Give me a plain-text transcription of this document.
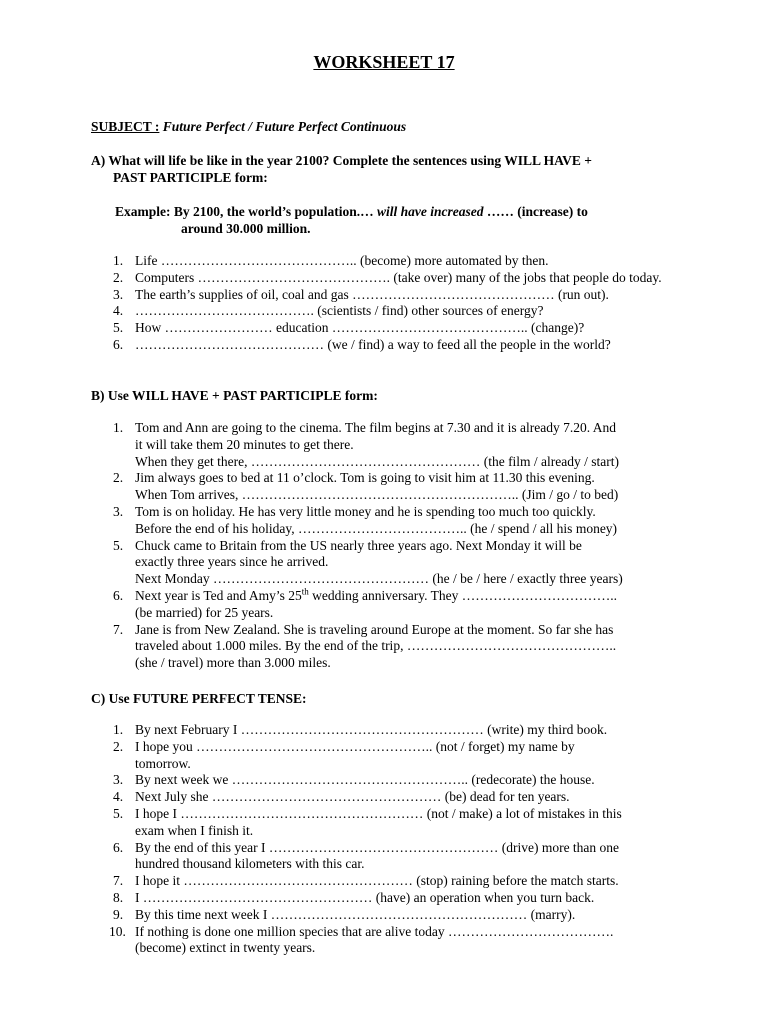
WORKSHEET 17
SUBJECT : Future Perfect / Future Perfect Continuous
A) What will life be like in the year 2100? Complete the sentences using WILL HAVE +
PAST PARTICIPLE form:
Example: By 2100, the world’s population.… will have increased …… (increase) to
around 30.000 million.
1. Life …………………………………….. (become) more automated by then.
2. Computers ……………………………………. (take over) many of the jobs that people do today.
3. The earth’s supplies of oil, coal and gas ……………………………………… (run out).
4. …………………………………. (scientists / find) other sources of energy?
5. How …………………… education …………………………………….. (change)?
6. …………………………………… (we / find) a way to feed all the people in the world?
B) Use WILL HAVE + PAST PARTICIPLE form:
1. Tom and Ann are going to the cinema. The film begins at 7.30 and it is already 7.20. And
it will take them 20 minutes to get there.
When they get there, …………………………………………… (the film / already / start)
2. Jim always goes to bed at 11 o’clock. Tom is going to visit him at 11.30 this evening.
When Tom arrives, …………………………………………………….. (Jim / go / to bed)
3. Tom is on holiday. He has very little money and he is spending too much too quickly.
Before the end of his holiday, ……………………………….. (he / spend / all his money)
5. Chuck came to Britain from the US nearly three years ago. Next Monday it will be
exactly three years since he arrived.
Next Monday ………………………………………… (he / be / here / exactly three years)
6. Next year is Ted and Amy’s 25th wedding anniversary. They ……………………………..
(be married) for 25 years.
7. Jane is from New Zealand. She is traveling around Europe at the moment. So far she has
traveled about 1.000 miles. By the end of the trip, ………………………………………..
(she / travel) more than 3.000 miles.
C) Use FUTURE PERFECT TENSE:
1. By next February I ……………………………………………… (write) my third book.
2. I hope you …………………………………………….. (not / forget) my name by
tomorrow.
3. By next week we …………………………………………….. (redecorate) the house.
4. Next July she …………………………………………… (be) dead for ten years.
5. I hope I ……………………………………………… (not / make) a lot of mistakes in this
exam when I finish it.
6. By the end of this year I …………………………………………… (drive) more than one
hundred thousand kilometers with this car.
7. I hope it …………………………………………… (stop) raining before the match starts.
8. I …………………………………………… (have) an operation when you turn back.
9. By this time next week I ………………………………………………… (marry).
10. If nothing is done one million species that are alive today ……………………………….
(become) extinct in twenty years.
